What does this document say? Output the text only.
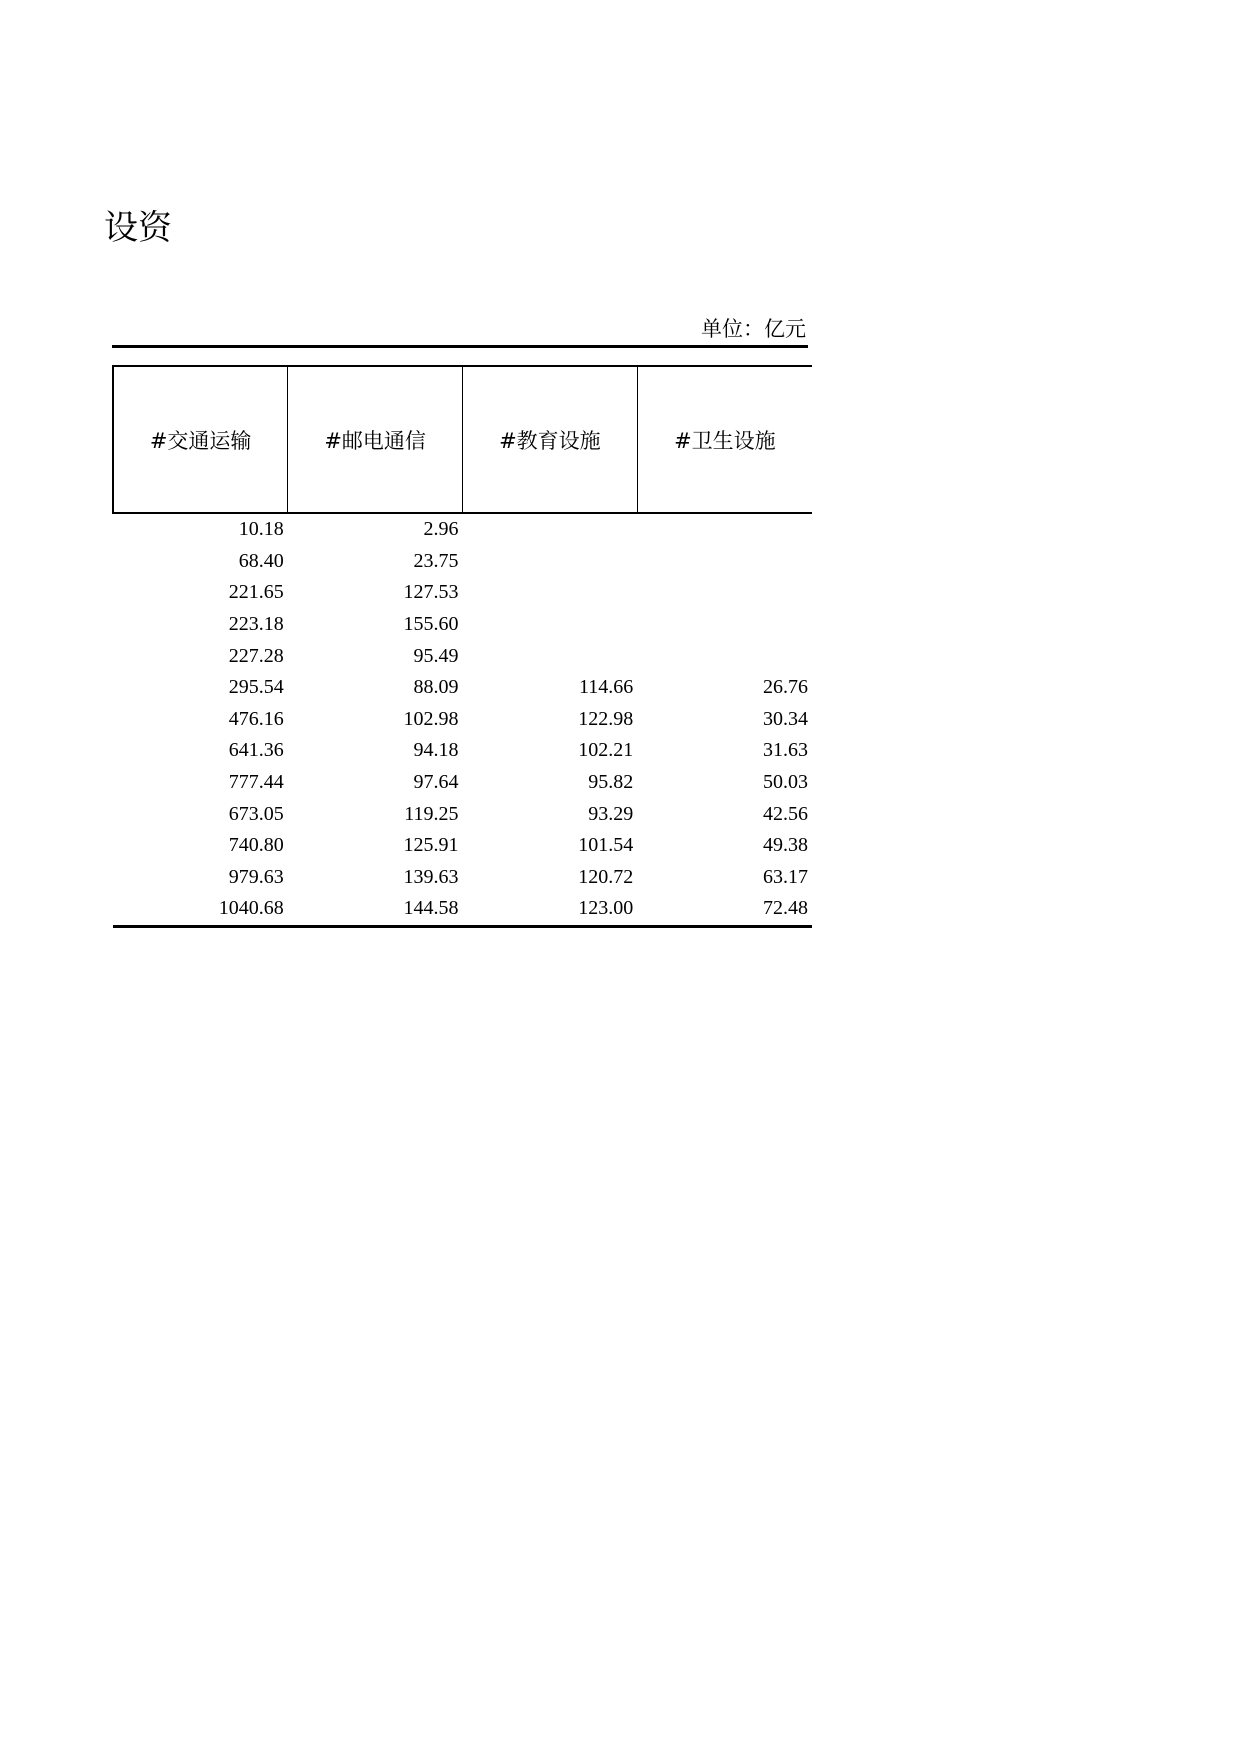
设资
单位：亿元
#交通运输	#邮电通信	#教育设施	#卫生设施
10.18	2.96		
68.40	23.75		
221.65	127.53		
223.18	155.60		
227.28	95.49		
295.54	88.09	114.66	26.76
476.16	102.98	122.98	30.34
641.36	94.18	102.21	31.63
777.44	97.64	95.82	50.03
673.05	119.25	93.29	42.56
740.80	125.91	101.54	49.38
979.63	139.63	120.72	63.17
1040.68	144.58	123.00	72.48
